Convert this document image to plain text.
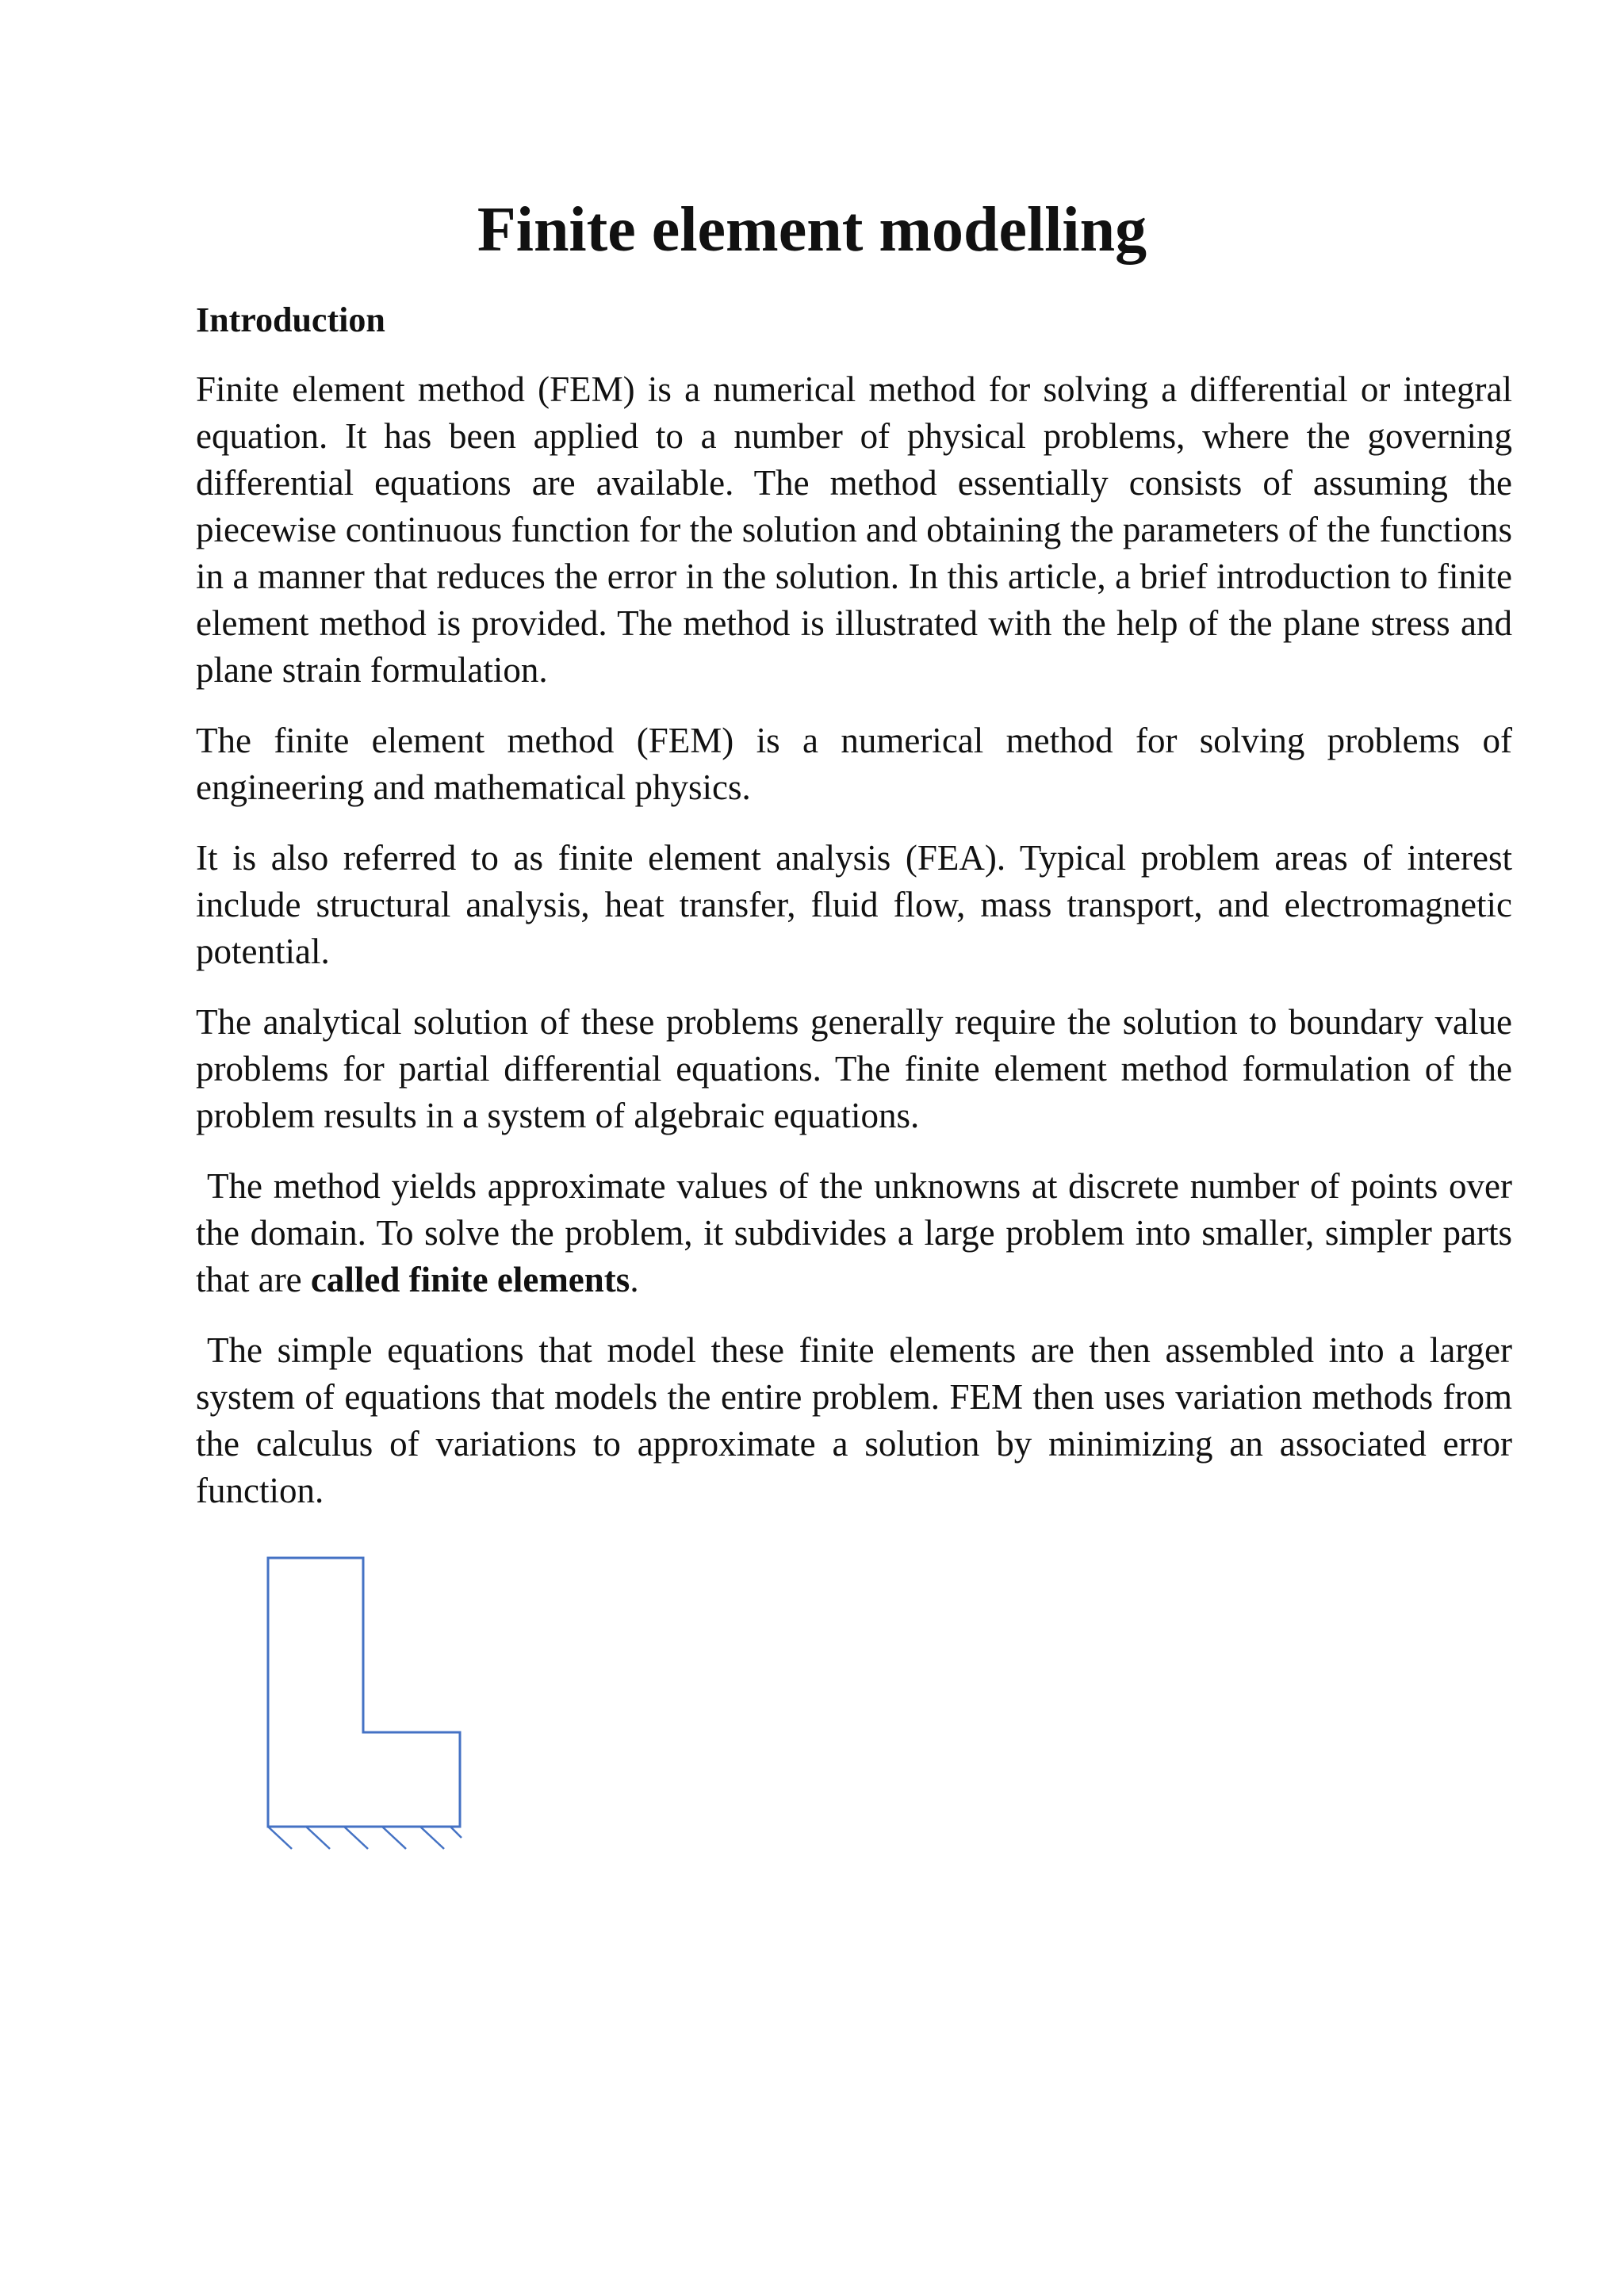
Finite element modelling
Introduction

Finite element method (FEM) is a numerical method for solving a differential or integral equation. It has been applied to a number of physical problems, where the governing differential equations are available. The method essentially consists of assuming the piecewise continuous function for the solution and obtaining the parameters of the functions in a manner that reduces the error in the solution. In this article, a brief introduction to finite element method is provided. The method is illustrated with the help of the plane stress and plane strain formulation.

The finite element method (FEM) is a numerical method for solving problems of engineering and mathematical physics.

It is also referred to as finite element analysis (FEA). Typical problem areas of interest include structural analysis, heat transfer, fluid flow, mass transport, and electromagnetic potential.

The analytical solution of these problems generally require the solution to boundary value problems for partial differential equations. The finite element method formulation of the problem results in a system of algebraic equations.

The method yields approximate values of the unknowns at discrete number of points over the domain. To solve the problem, it subdivides a large problem into smaller, simpler parts that are called finite elements.

The simple equations that model these finite elements are then assembled into a larger system of equations that models the entire problem. FEM then uses variation methods from the calculus of variations to approximate a solution by minimizing an associated error function.
